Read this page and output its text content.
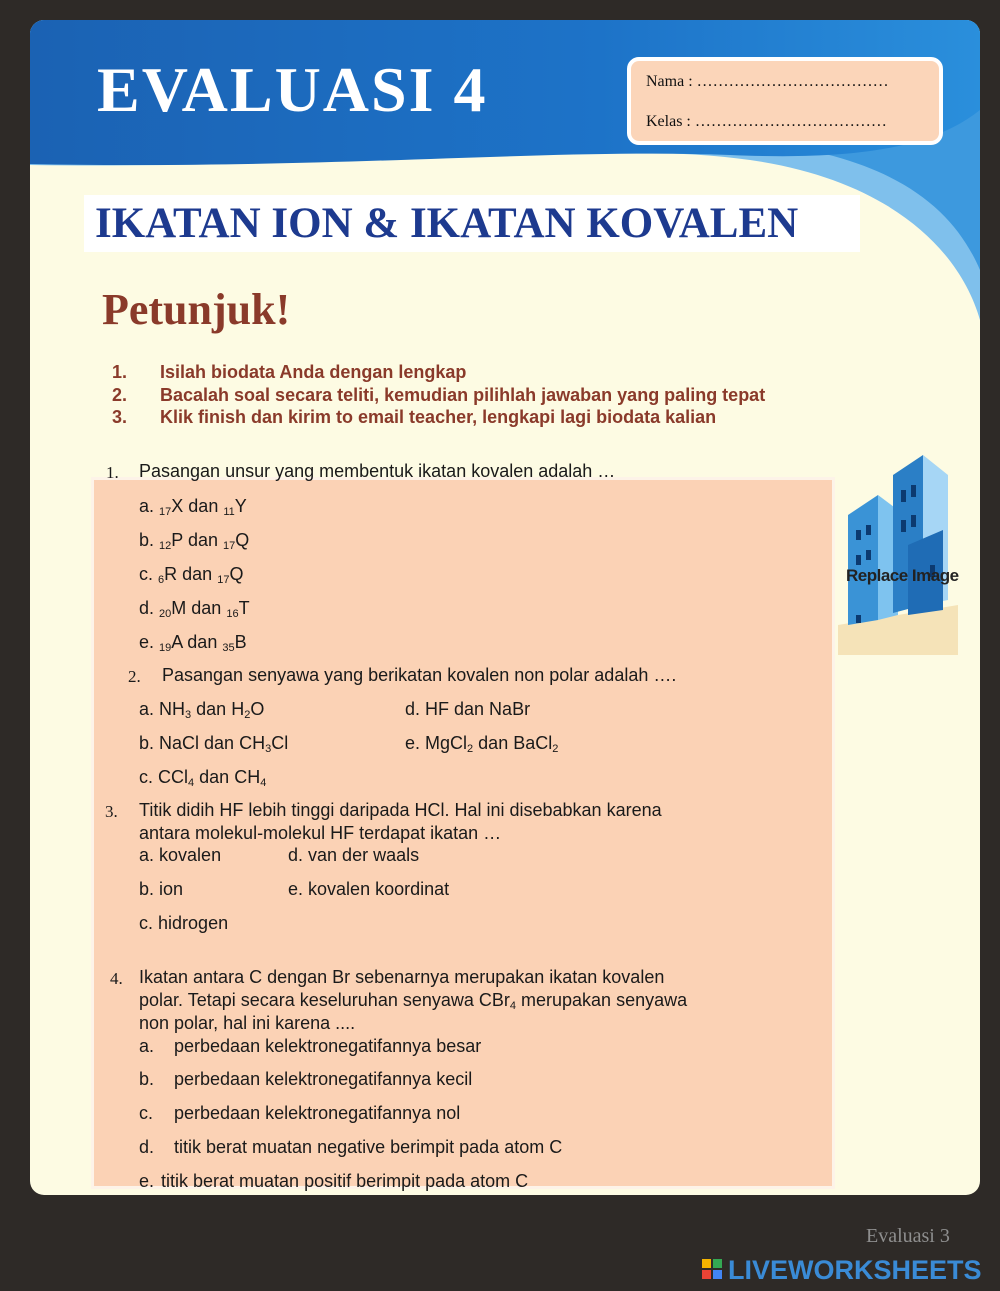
EVALUASI 4	Nama : ………………………………
Kelas : ………………………………
IKATAN ION & IKATAN KOVALEN
Petunjuk!
1. Isilah biodata Anda dengan lengkap
2. Bacalah soal secara teliti, kemudian pilihlah jawaban yang paling tepat
3. Klik finish dan kirim to email teacher, lengkapi lagi biodata kalian
1. Pasangan unsur yang membentuk ikatan kovalen adalah …
a. $_{17}$X dan $_{11}$Y
b. $_{12}$P dan $_{17}$Q
c. $_6$R dan $_{17}$Q
d. $_{20}$M dan $_{16}$T
e. $_{19}$A dan $_{35}$B
2. Pasangan senyawa yang berikatan kovalen non polar adalah ….
a. $NH_3$ dan $H_2O$	d. HF dan NaBr
b. NaCl dan $CH_3Cl$	e. MgCl$_2$ dan BaCl$_2$
c. CCl$_4$ dan $CH_4$
3. Titik didih HF lebih tinggi daripada HCl. Hal ini disebabkan karena
antara molekul-molekul HF terdapat ikatan …
a. kovalen	d. van der waals
b. ion	e. kovalen koordinat
c. hidrogen
4. Ikatan antara C dengan Br sebenarnya merupakan ikatan kovalen
polar. Tetapi secara keseluruhan senyawa CBr$_4$ merupakan senyawa
non polar, hal ini karena ....
a. perbedaan kelektronegatifannya besar
b. perbedaan kelektronegatifannya kecil
c. perbedaan kelektronegatifannya nol
d. titik berat muatan negative berimpit pada atom C
e. titik berat muatan positif berimpit pada atom C
Replace Image
Evaluasi 3
LIVEWORKSHEETS
